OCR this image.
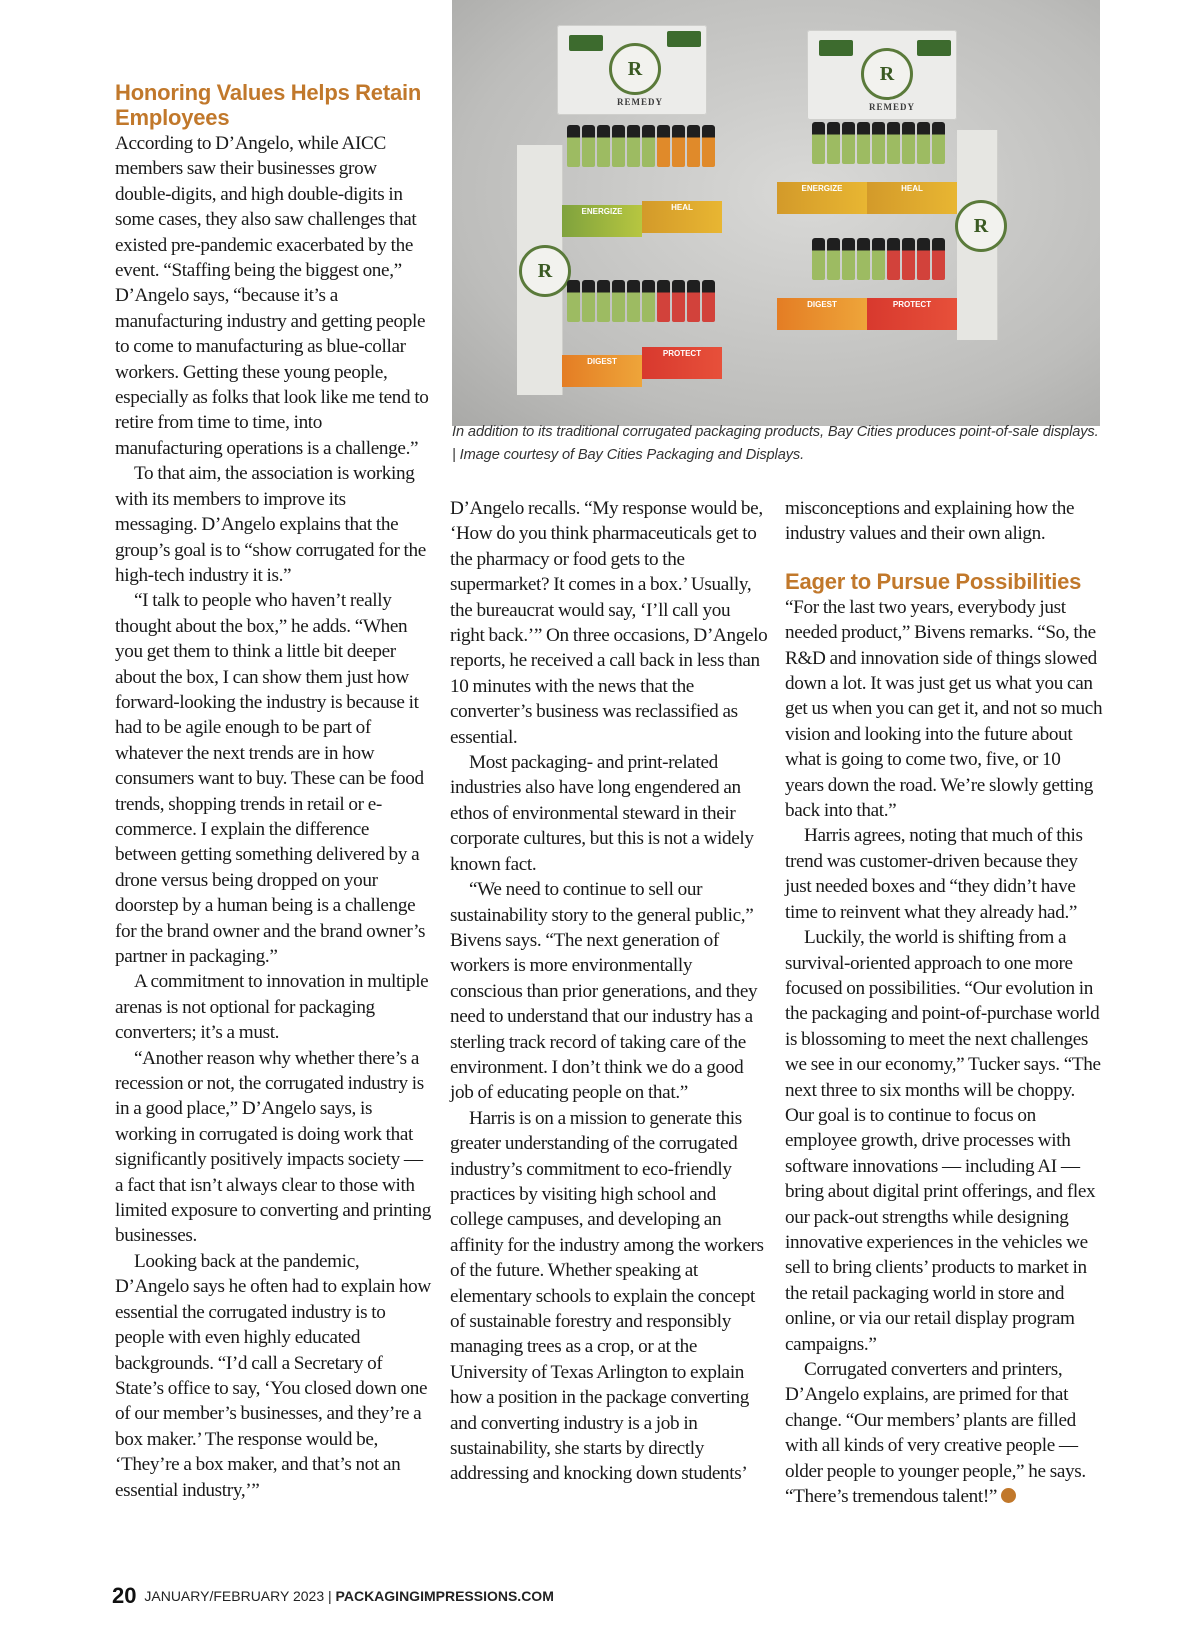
R
REMEDY
R
ENERGIZE	HEAL
DIGEST
PROTECT
R
REMEDY
R
ENERGIZE	HEAL
DIGEST	PROTECT
In addition to its traditional corrugated packaging products, Bay Cities produces point-of-sale displays. | Image courtesy of Bay Cities Packaging and Displays.
Honoring Values Helps Retain Employees

According to D’Angelo, while AICC members saw their businesses grow double-digits, and high double-digits in some cases, they also saw challenges that existed pre-pandemic exacerbated by the event. “Staffing being the biggest one,” D’Angelo says, “because it’s a manufacturing industry and getting people to come to manufacturing as blue-collar workers. Getting these young people, especially as folks that look like me tend to retire from time to time, into manufacturing operations is a challenge.”

To that aim, the association is working with its members to improve its messaging. D’Angelo explains that the group’s goal is to “show corrugated for the high-tech industry it is.”

“I talk to people who haven’t really thought about the box,” he adds. “When you get them to think a little bit deeper about the box, I can show them just how forward-looking the industry is because it had to be agile enough to be part of whatever the next trends are in how consumers want to buy. These can be food trends, shopping trends in retail or e-commerce. I explain the difference between getting something delivered by a drone versus being dropped on your doorstep by a human being is a challenge for the brand owner and the brand owner’s partner in packaging.”

A commitment to innovation in multiple arenas is not optional for packaging converters; it’s a must.

“Another reason why whether there’s a recession or not, the corrugated industry is in a good place,” D’Angelo says, is working in corrugated is doing work that significantly positively impacts society — a fact that isn’t always clear to those with limited exposure to converting and printing businesses.

Looking back at the pandemic, D’Angelo says he often had to explain how essential the corrugated industry is to people with even highly educated backgrounds. “I’d call a Secretary of State’s office to say, ‘You closed down one of our member’s businesses, and they’re a box maker.’ The response would be, ‘They’re a box maker, and that’s not an essential industry,’”

D’Angelo recalls. “My response would be, ‘How do you think pharmaceuticals get to the pharmacy or food gets to the supermarket? It comes in a box.’ Usually, the bureaucrat would say, ‘I’ll call you right back.’” On three occasions, D’Angelo reports, he received a call back in less than 10 minutes with the news that the converter’s business was reclassified as essential.

Most packaging- and print-related industries also have long engendered an ethos of environmental steward in their corporate cultures, but this is not a widely known fact.

“We need to continue to sell our sustainability story to the general public,” Bivens says. “The next generation of workers is more environmentally conscious than prior generations, and they need to understand that our industry has a sterling track record of taking care of the environment. I don’t think we do a good job of educating people on that.”

Harris is on a mission to generate this greater understanding of the corrugated industry’s commitment to eco-friendly practices by visiting high school and college campuses, and developing an affinity for the industry among the workers of the future. Whether speaking at elementary schools to explain the concept of sustainable forestry and responsibly managing trees as a crop, or at the University of Texas Arlington to explain how a position in the package converting and converting industry is a job in sustainability, she starts by directly addressing and knocking down students’

misconceptions and explaining how the industry values and their own align.

Eager to Pursue Possibilities

“For the last two years, everybody just needed product,” Bivens remarks. “So, the R&D and innovation side of things slowed down a lot. It was just get us what you can get us when you can get it, and not so much vision and looking into the future about what is going to come two, five, or 10 years down the road. We’re slowly getting back into that.”

Harris agrees, noting that much of this trend was customer-driven because they just needed boxes and “they didn’t have time to reinvent what they already had.”

Luckily, the world is shifting from a survival-oriented approach to one more focused on possibilities. “Our evolution in the packaging and point-of-purchase world is blossoming to meet the next challenges we see in our economy,” Tucker says. “The next three to six months will be choppy. Our goal is to continue to focus on employee growth, drive processes with software innovations — including AI — bring about digital print offerings, and flex our pack-out strengths while designing innovative experiences in the vehicles we sell to bring clients’ products to market in the retail packaging world in store and online, or via our retail display program campaigns.”

Corrugated converters and printers, D’Angelo explains, are primed for that change. “Our members’ plants are filled with all kinds of very creative people — older people to younger people,” he says. “There’s tremendous talent!”

20 JANUARY/FEBRUARY 2023 | PACKAGINGIMPRESSIONS.COM
